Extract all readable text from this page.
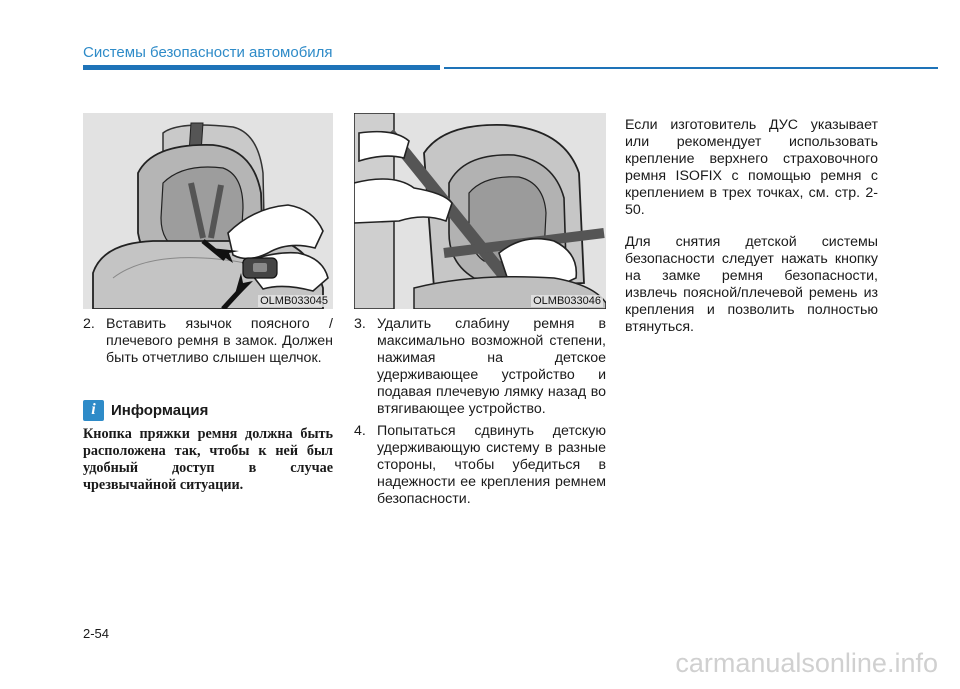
Системы безопасности автомобиля
OLMB033045	OLMB033046
2. Вставить язычок поясного / плечевого ремня в замок. Должен быть отчетливо слышен щелчок.
i	Информация
Кнопка пряжки ремня должна быть расположена так, чтобы к ней был удобный доступ в случае чрезвычайной ситуации.
3. Удалить слабину ремня в максимально возможной степени, нажимая на детское удерживающее устройство и подавая плечевую лямку назад во втягивающее устройство.
4. Попытаться сдвинуть детскую удерживающую систему в разные стороны, чтобы убедиться в надежности ее крепления ремнем безопасности.

Если изготовитель ДУС указывает или рекомендует использовать крепление верхнего страховочного ремня ISOFIX с помощью ремня с креплением в трех точках, см. стр. 2-50.

Для снятия детской системы безопасности следует нажать кнопку на замке ремня безопасности, извлечь поясной/плечевой ремень из крепления и позволить полностью втянуться.

2-54
carmanualsonline.info
